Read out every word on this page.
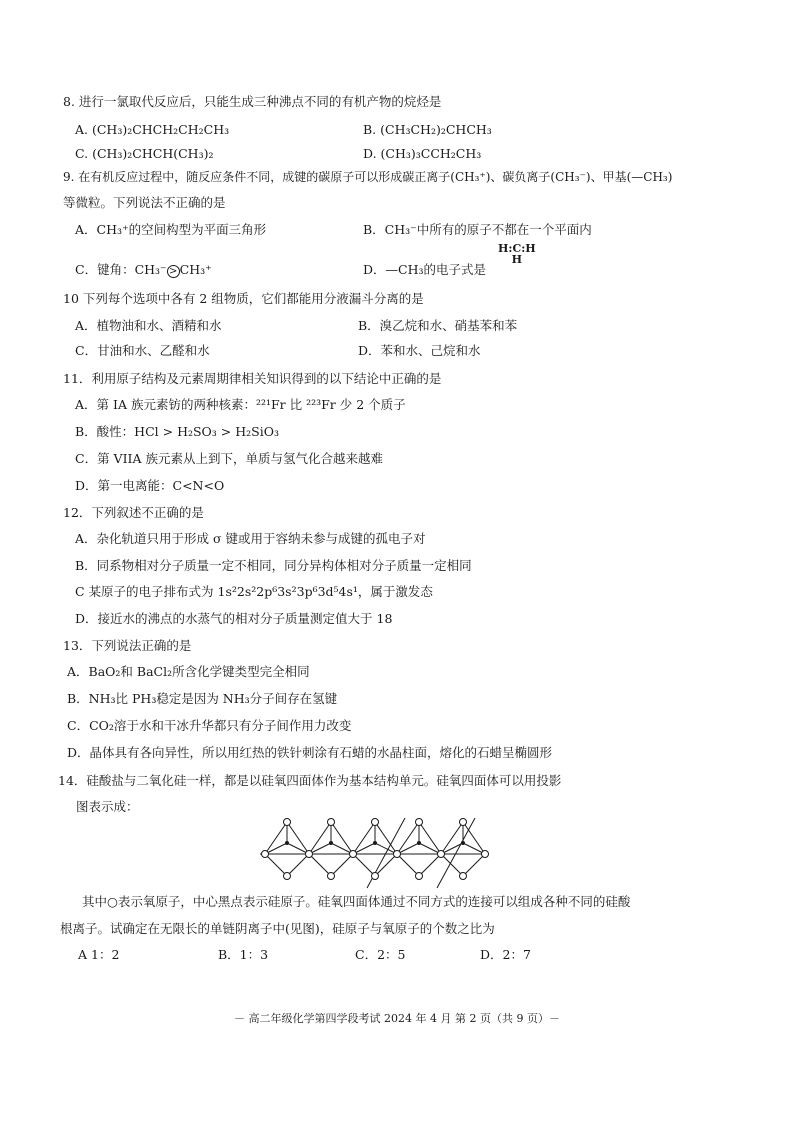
8. 进行一氯取代反应后，只能生成三种沸点不同的有机产物的烷烃是
A. (CH₃)₂CHCH₂CH₂CH₃	B. (CH₃CH₂)₂CHCH₃
C. (CH₃)₂CHCH(CH₃)₂	D. (CH₃)₃CCH₂CH₃
9. 在有机反应过程中，随反应条件不同，成键的碳原子可以形成碳正离子(CH₃⁺)、碳负离子(CH₃⁻)、甲基(—CH₃)
等微粒。下列说法不正确的是
A．CH₃⁺的空间构型为平面三角形	B．CH₃⁻中所有的原子不都在一个平面内
C．键角：CH₃⁻ > CH₃⁺	D．—CH₃的电子式是
H:C:H
H
10 下列每个选项中各有 2 组物质，它们都能用分液漏斗分离的是
A．植物油和水、酒精和水	B．溴乙烷和水、硝基苯和苯
C．甘油和水、乙醛和水	D．苯和水、己烷和水
11．利用原子结构及元素周期律相关知识得到的以下结论中正确的是
A．第 IA 族元素钫的两种核素：²²¹Fr 比 ²²³Fr 少 2 个质子
B．酸性：HCl > H₂SO₃ > H₂SiO₃
C．第 VIIA 族元素从上到下，单质与氢气化合越来越难
D．第一电离能：C<N<O
12．下列叙述不正确的是
A．杂化轨道只用于形成 σ 键或用于容纳未参与成键的孤电子对
B．同系物相对分子质量一定不相同，同分异构体相对分子质量一定相同
C 某原子的电子排布式为 1s²2s²2p⁶3s²3p⁶3d⁵4s¹，属于激发态
D．接近水的沸点的水蒸气的相对分子质量测定值大于 18
13．下列说法正确的是
A．BaO₂和 BaCl₂所含化学键类型完全相同
B．NH₃比 PH₃稳定是因为 NH₃分子间存在氢键
C．CO₂溶于水和干冰升华都只有分子间作用力改变
D．晶体具有各向异性，所以用红热的铁针刺涂有石蜡的水晶柱面，熔化的石蜡呈椭圆形
14．硅酸盐与二氧化硅一样，都是以硅氧四面体作为基本结构单元。硅氧四面体可以用投影
图表示成：
其中○表示氧原子，中心黑点表示硅原子。硅氧四面体通过不同方式的连接可以组成各种不同的硅酸
根离子。试确定在无限长的单链阴离子中(见图)，硅原子与氧原子的个数之比为
A 1：2	B．1：3	C．2：5	D．2：7
－ 高二年级化学第四学段考试 2024 年 4 月 第 2 页（共 9 页）－
